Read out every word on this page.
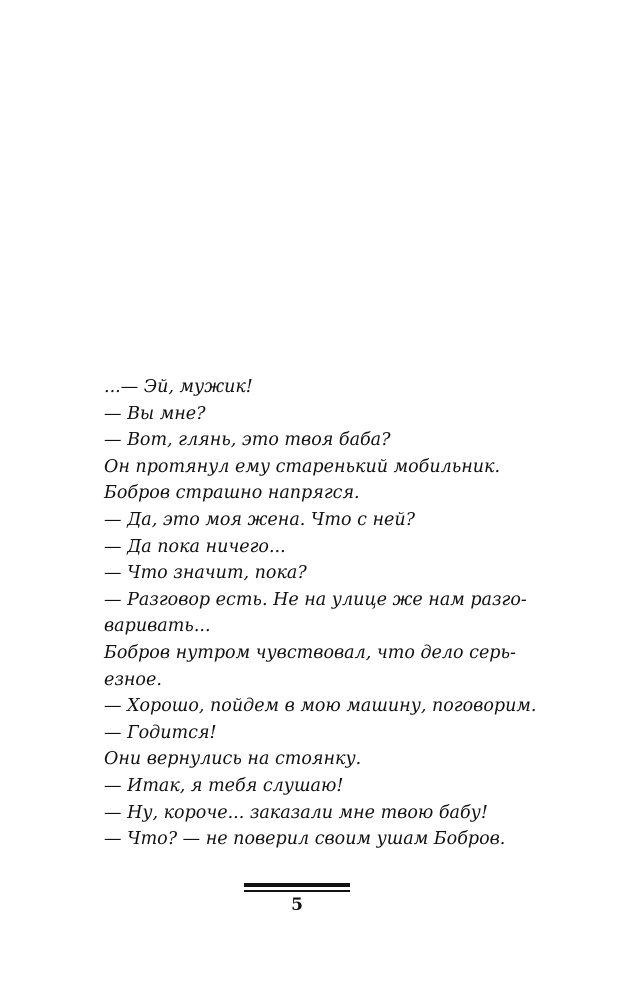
...— Эй, мужик!
— Вы мне?
— Вот, глянь, это твоя баба?
Он протянул ему старенький мобильник.
Бобров страшно напрягся.
— Да, это моя жена. Что с ней?
— Да пока ничего...
— Что значит, пока?
— Разговор есть. Не на улице же нам разго-
варивать...
Бобров нутром чувствовал, что дело серь-
езное.
— Хорошо, пойдем в мою машину, поговорим.
— Годится!
Они вернулись на стоянку.
— Итак, я тебя слушаю!
— Ну, короче... заказали мне твою бабу!
— Что? — не поверил своим ушам Бобров.
5
